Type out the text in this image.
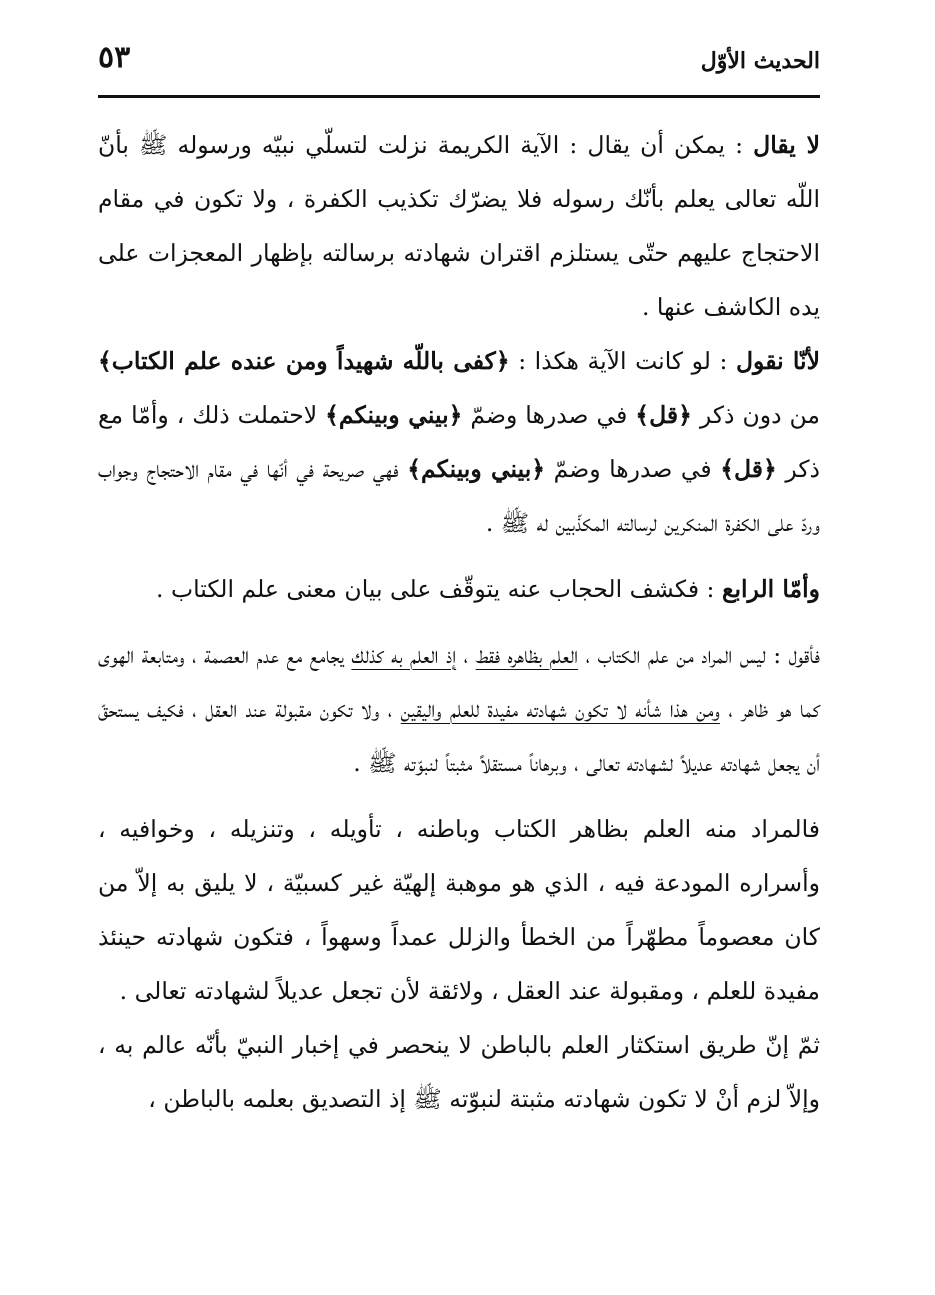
الحديث الأوّل
٥٣

لا يقال : يمكن أن يقال : الآية الكريمة نزلت لتسلّي نبيّه ورسوله ﷺ بأنّ اللّه تعالى يعلم بأنّك رسوله فلا يضرّك تكذيب الكفرة ، ولا تكون في مقام الاحتجاج عليهم حتّى يستلزم اقتران شهادته برسالته بإظهار المعجزات على يده الكاشف عنها .

لأنّا نقول : لو كانت الآية هكذا : ﴿كفى باللّه شهيداً ومن عنده علم الكتاب﴾ من دون ذكر ﴿قل﴾ في صدرها وضمّ ﴿بيني وبينكم﴾ لاحتملت ذلك ، وأمّا مع ذكر ﴿قل﴾ في صدرها وضمّ ﴿بيني وبينكم﴾ فهي صريحة في أنّها في مقام الاحتجاج وجواب وردّ على الكفرة المنكرين لرسالته المكذّبين له ﷺ .

وأمّا الرابع : فكشف الحجاب عنه يتوقّف على بيان معنى علم الكتاب .

فأقول : ليس المراد من علم الكتاب ، العلم بظاهره فقط ، إذ العلم به كذلك يجامع مع عدم العصمة ، ومتابعة الهوى كما هو ظاهر ، ومن هذا شأنه لا تكون شهادته مفيدة للعلم واليقين ، ولا تكون مقبولة عند العقل ، فكيف يستحقّ أن يجعل شهادته عديلاً لشهادته تعالى ، وبرهاناً مستقلاً مثبتاً لنبوّته ﷺ .

فالمراد منه العلم بظاهر الكتاب وباطنه ، تأويله ، وتنزيله ، وخوافيه ، وأسراره المودعة فيه ، الذي هو موهبة إلهيّة غير كسبيّة ، لا يليق به إلاّ من كان معصوماً مطهّراً من الخطأ والزلل عمداً وسهواً ، فتكون شهادته حينئذ مفيدة للعلم ، ومقبولة عند العقل ، ولائقة لأن تجعل عديلاً لشهادته تعالى .

ثمّ إنّ طريق استكثار العلم بالباطن لا ينحصر في إخبار النبيّ بأنّه عالم به ، وإلاّ لزم أنْ لا تكون شهادته مثبتة لنبوّته ﷺ إذ التصديق بعلمه بالباطن ،
